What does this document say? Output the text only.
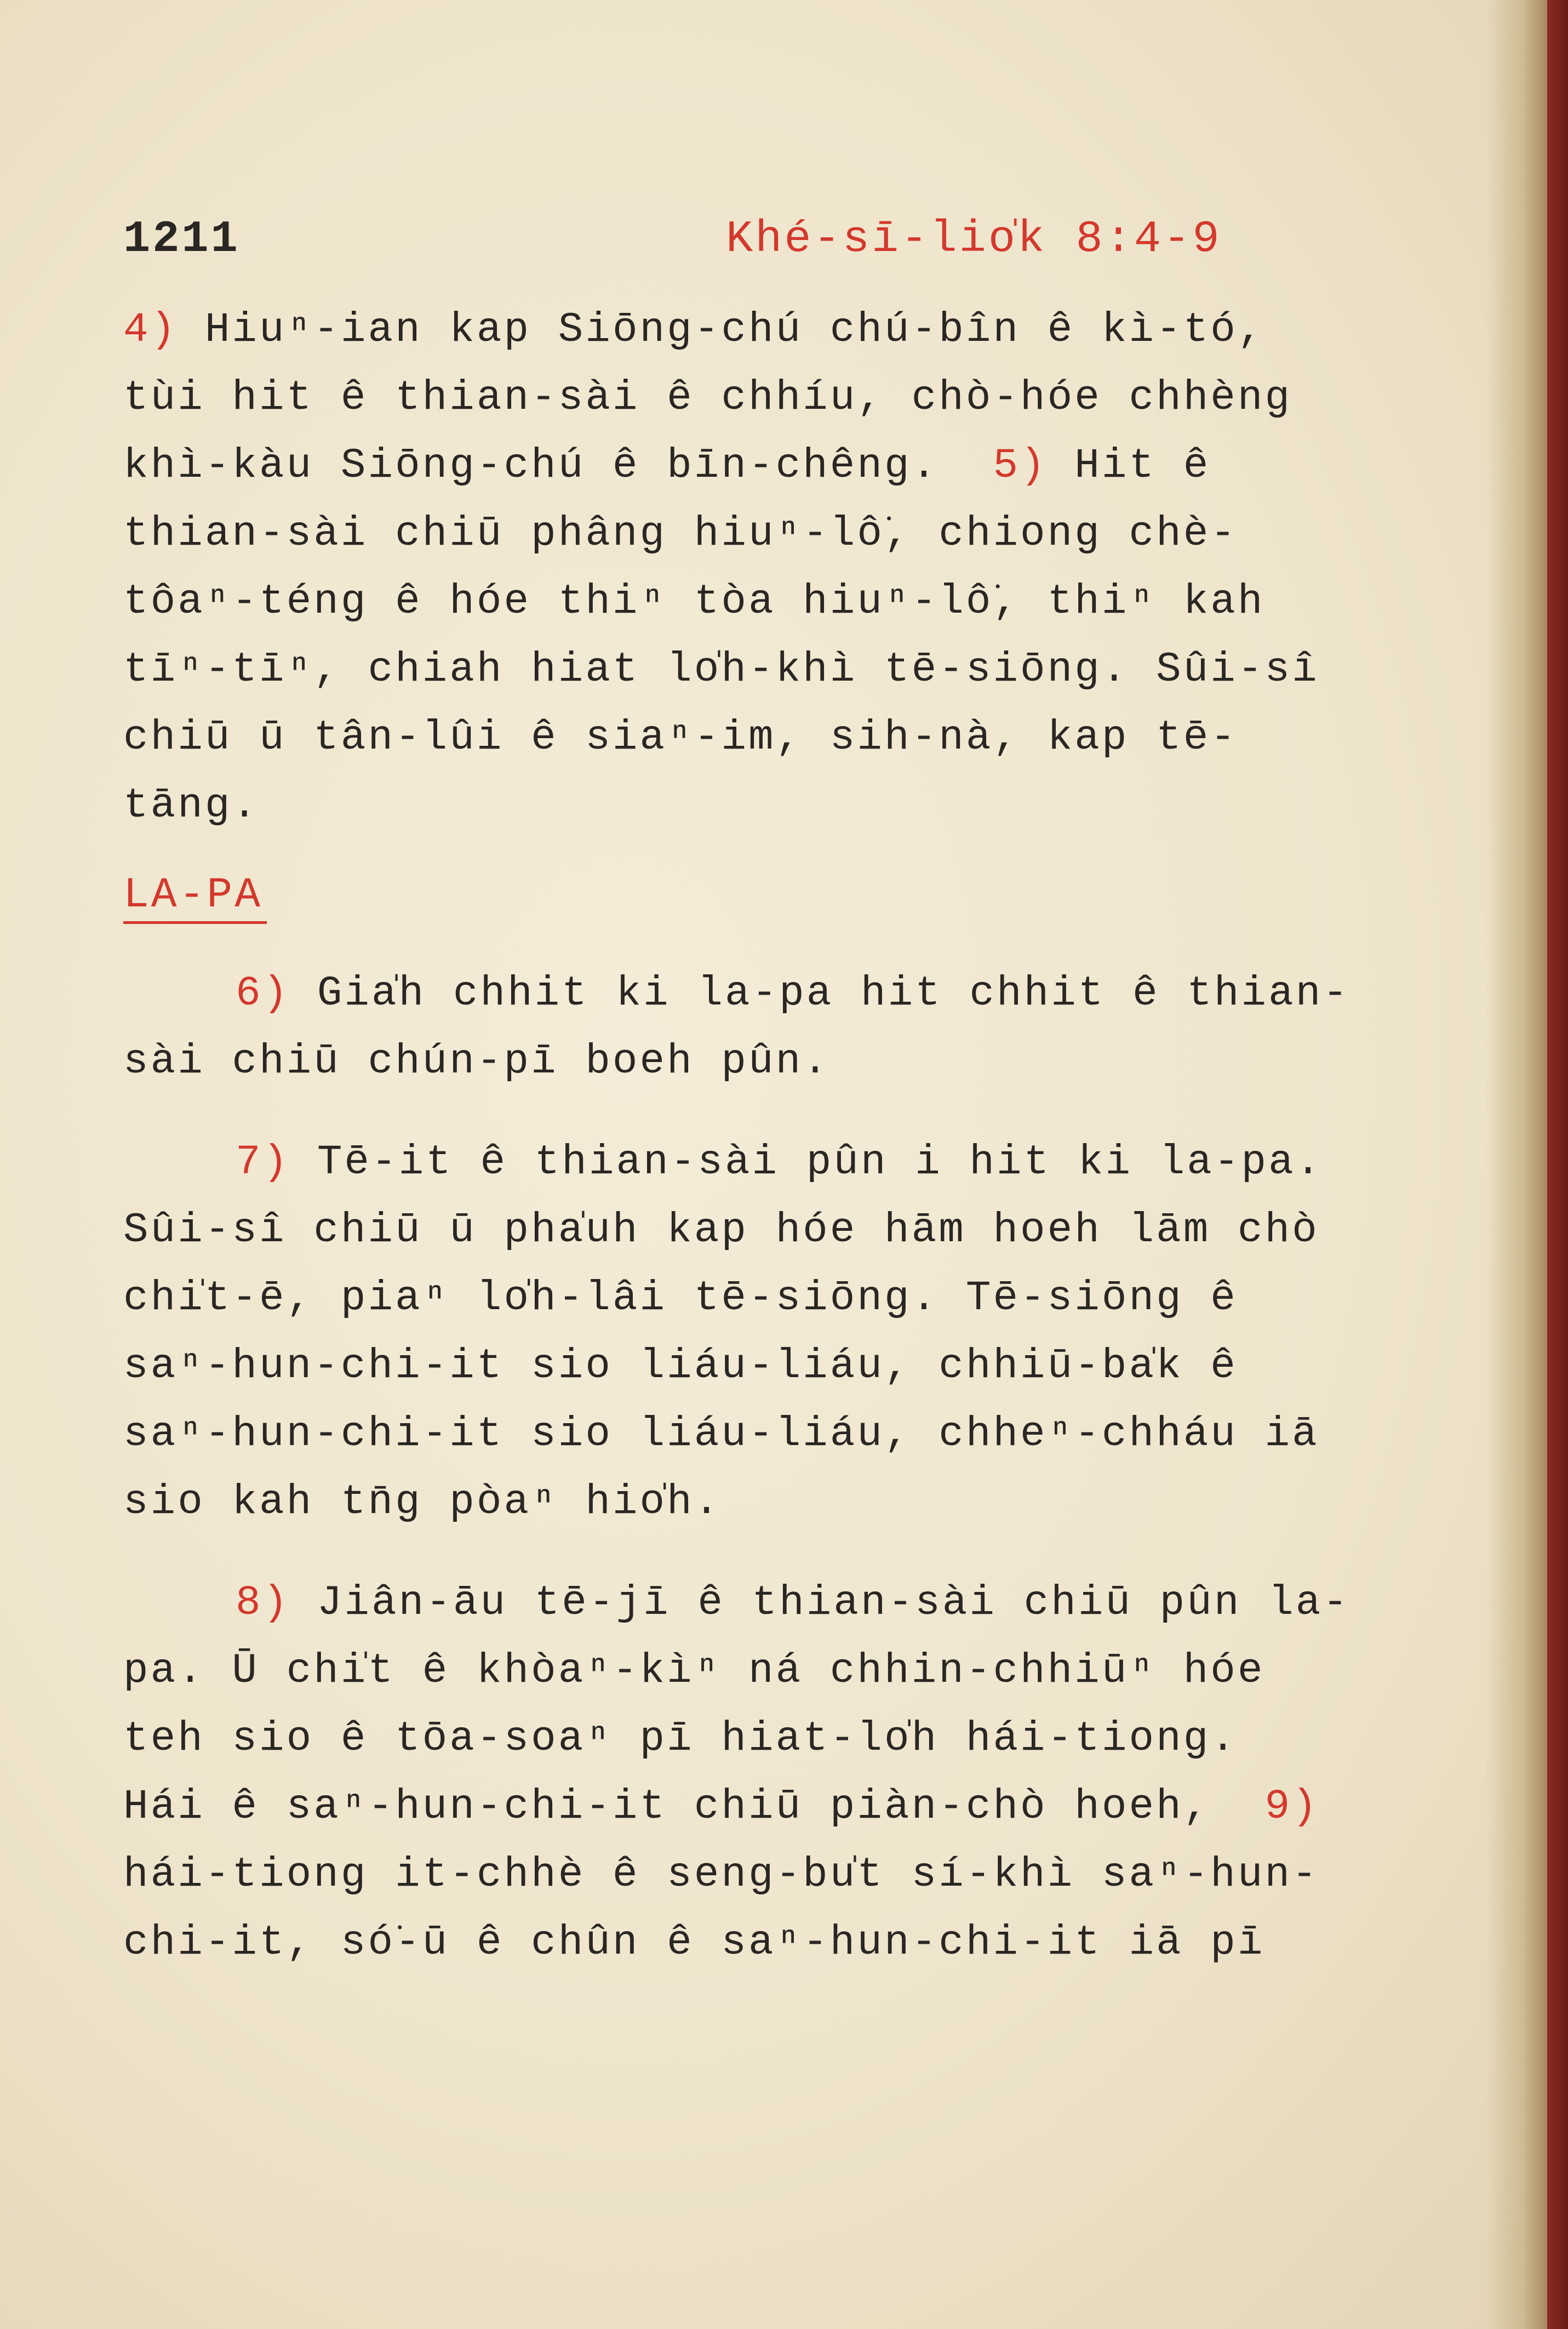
1211	Khé-sī-lio̍k 8:4-9
4) Hiuⁿ-ian kap Siōng-chú chú-bîn ê kì-tó,
tùi hit ê thian-sài ê chhíu, chò-hóe chhèng
khì-kàu Siōng-chú ê bīn-chêng.  5) Hit ê
thian-sài chiū phâng hiuⁿ-lô͘, chiong chè-
tôaⁿ-téng ê hóe thiⁿ tòa hiuⁿ-lô͘, thiⁿ kah
tīⁿ-tīⁿ, chiah hiat lo̍h-khì tē-siōng. Sûi-sî
chiū ū tân-lûi ê siaⁿ-im, sih-nà, kap tē-
tāng.
LA-PA
6) Gia̍h chhit ki la-pa hit chhit ê thian-
sài chiū chún-pī boeh pûn.
7) Tē-it ê thian-sài pûn i hit ki la-pa.
Sûi-sî chiū ū pha̍uh kap hóe hām hoeh lām chò
chi̍t-ē, piaⁿ lo̍h-lâi tē-siōng. Tē-siōng ê
saⁿ-hun-chi-it sio liáu-liáu, chhiū-ba̍k ê
saⁿ-hun-chi-it sio liáu-liáu, chheⁿ-chháu iā
sio kah tn̄g pòaⁿ hio̍h.
8) Jiân-āu tē-jī ê thian-sài chiū pûn la-
pa. Ū chi̍t ê khòaⁿ-kìⁿ ná chhin-chhiūⁿ hóe
teh sio ê tōa-soaⁿ pī hiat-lo̍h hái-tiong.
Hái ê saⁿ-hun-chi-it chiū piàn-chò hoeh,  9)
hái-tiong it-chhè ê seng-bu̍t sí-khì saⁿ-hun-
chi-it, só͘-ū ê chûn ê saⁿ-hun-chi-it iā pī
